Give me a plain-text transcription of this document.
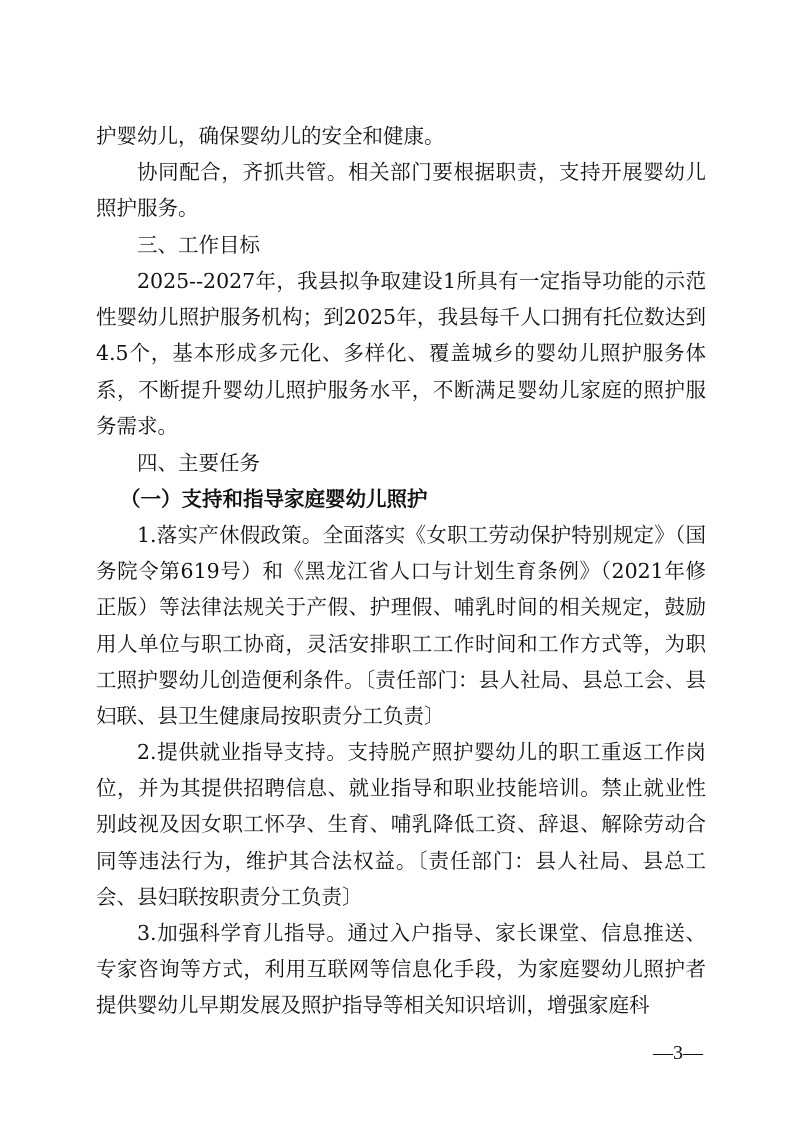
护婴幼儿，确保婴幼儿的安全和健康。

协同配合，齐抓共管。相关部门要根据职责，支持开展婴幼儿照护服务。

三、工作目标

2025--2027年，我县拟争取建设1所具有一定指导功能的示范性婴幼儿照护服务机构；到2025年，我县每千人口拥有托位数达到4.5个，基本形成多元化、多样化、覆盖城乡的婴幼儿照护服务体系，不断提升婴幼儿照护服务水平，不断满足婴幼儿家庭的照护服务需求。

四、主要任务

（一）支持和指导家庭婴幼儿照护

1.落实产休假政策。全面落实《女职工劳动保护特别规定》（国务院令第619号）和《黑龙江省人口与计划生育条例》（2021年修正版）等法律法规关于产假、护理假、哺乳时间的相关规定，鼓励用人单位与职工协商，灵活安排职工工作时间和工作方式等，为职工照护婴幼儿创造便利条件。〔责任部门：县人社局、县总工会、县妇联、县卫生健康局按职责分工负责〕

2.提供就业指导支持。支持脱产照护婴幼儿的职工重返工作岗位，并为其提供招聘信息、就业指导和职业技能培训。禁止就业性别歧视及因女职工怀孕、生育、哺乳降低工资、辞退、解除劳动合同等违法行为，维护其合法权益。〔责任部门：县人社局、县总工会、县妇联按职责分工负责〕

3.加强科学育儿指导。通过入户指导、家长课堂、信息推送、专家咨询等方式，利用互联网等信息化手段，为家庭婴幼儿照护者提供婴幼儿早期发展及照护指导等相关知识培训，增强家庭科

—3—
